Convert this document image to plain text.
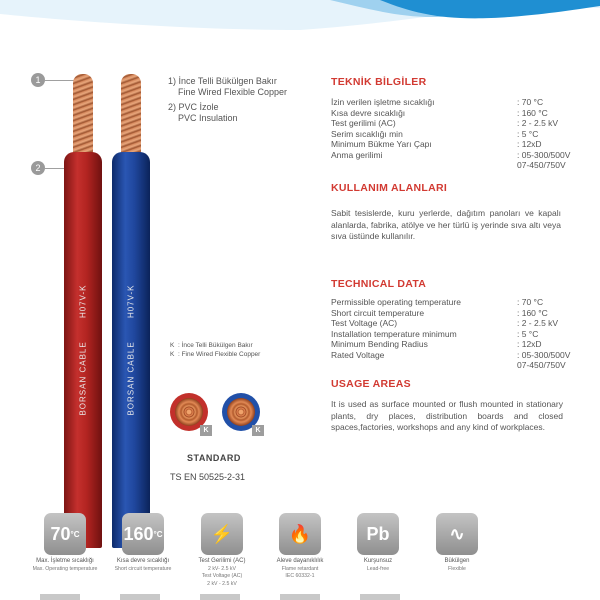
1
2
BORSAN CABLE H07V-K
BORSAN CABLE H07V-K
1) İnce Telli Bükülgen Bakır
Fine Wired Flexible Copper
2) PVC İzole
PVC Insulation
K : İnce Telli Bükülgen Bakır
K : Fine Wired Flexible Copper
K	K
STANDARD
TS EN 50525-2-31
TEKNİK BİLGİLER
İzin verilen işletme sıcaklığı	: 70 °C
Kısa devre sıcaklığı	: 160 °C
Test gerilimi (AC)	: 2 - 2.5 kV
Serim sıcaklığı min	: 5 °C
Minimum Bükme Yarı Çapı	: 12xD
Anma gerilimi	: 05-300/500V
07-450/750V
KULLANIM ALANLARI
Sabit tesislerde, kuru yerlerde, dağıtım panoları ve kapalı alanlarda, fabrika, atölye ve her türlü iş yerinde sıva altı veya sıva üstünde kullanılır.
TECHNICAL DATA
Permissible operating temperature	: 70 °C
Short circuit temperature	: 160 °C
Test Voltage (AC)	: 2 - 2.5 kV
Installation temperature minimum	: 5 °C
Minimum Bending Radius	: 12xD
Rated Voltage	: 05-300/500V
07-450/750V
USAGE AREAS
It is used as surface mounted or flush mounted in stationary plants, dry places, distribution boards and closed spaces,factories, workshops and any kind of workplaces.
70 °C
Max. İşletme sıcaklığı
Max. Operating temperature
160 °C
Kısa devre sıcaklığı
Short circuit temperature
⚡
Test Gerilimi (AC)
2 kV- 2.5 kV
Test Voltage (AC)
2 kV - 2.5 kV
🔥
Aleve dayanıklılık
Flame retardant
IEC 60332-1
Pb
Kurşunsuz
Lead-free
∿
Bükülgen
Flexible
